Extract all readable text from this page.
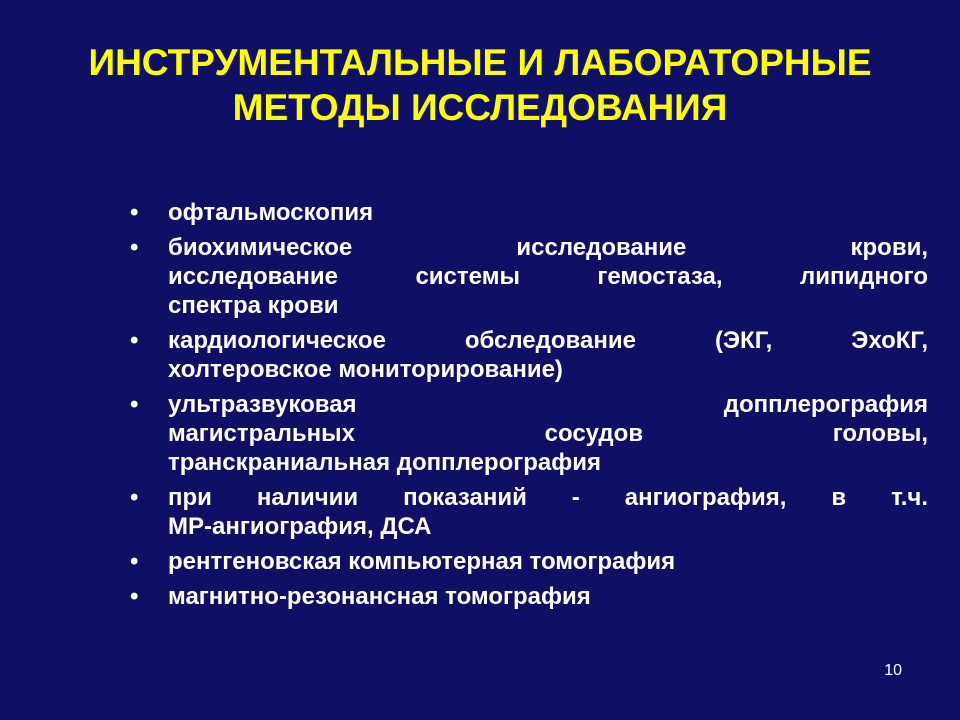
ИНСТРУМЕНТАЛЬНЫЕ И ЛАБОРАТОРНЫЕ
МЕТОДЫ ИССЛЕДОВАНИЯ
• офтальмоскопия
• биохимическое исследование крови,
исследование системы гемостаза, липидного
спектра крови
• кардиологическое обследование (ЭКГ, ЭхоКГ,
холтеровское мониторирование)
• ультразвуковая допплерография
магистральных сосудов головы,
транскраниальная допплерография
• при наличии показаний - ангиография, в т.ч.
МР-ангиография, ДСА
• рентгеновская компьютерная томография
• магнитно-резонансная томография
10
